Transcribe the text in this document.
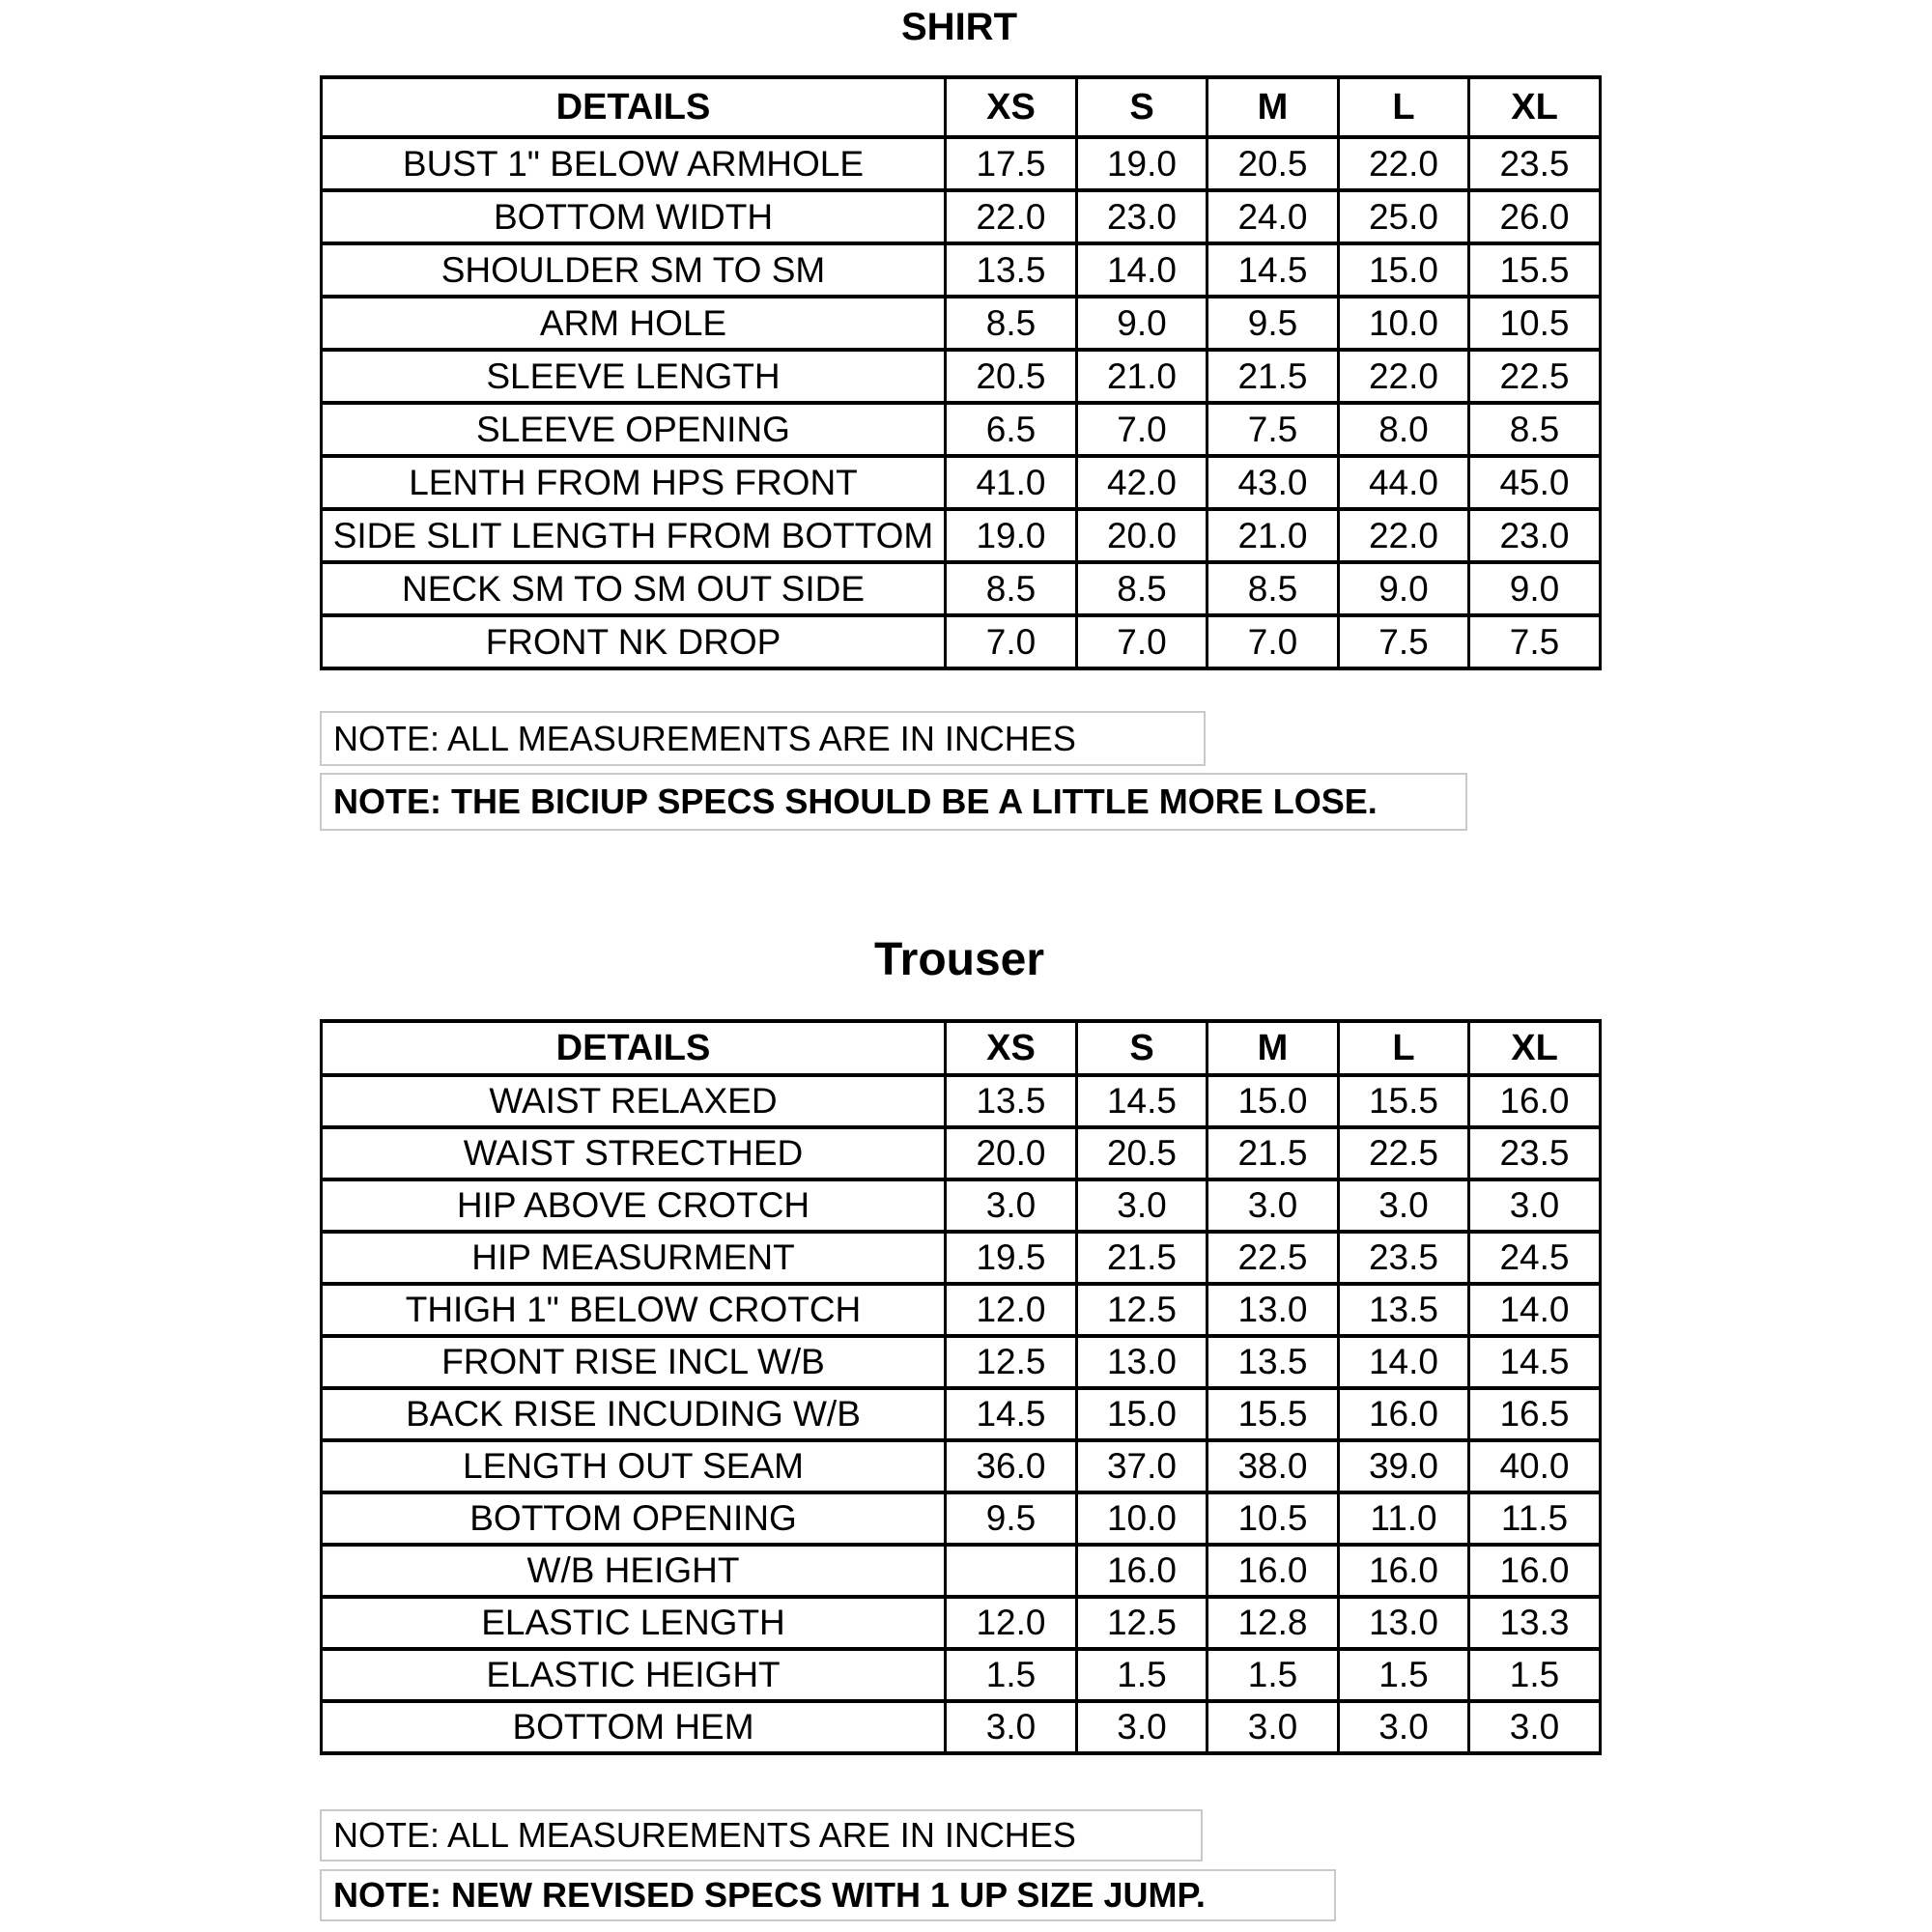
SHIRT
DETAILS	XS	S	M	L	XL
BUST 1" BELOW ARMHOLE	17.5	19.0	20.5	22.0	23.5
BOTTOM WIDTH	22.0	23.0	24.0	25.0	26.0
SHOULDER SM TO SM	13.5	14.0	14.5	15.0	15.5
ARM HOLE	8.5	9.0	9.5	10.0	10.5
SLEEVE LENGTH	20.5	21.0	21.5	22.0	22.5
SLEEVE OPENING	6.5	7.0	7.5	8.0	8.5
LENTH FROM HPS FRONT	41.0	42.0	43.0	44.0	45.0
SIDE SLIT LENGTH FROM BOTTOM	19.0	20.0	21.0	22.0	23.0
NECK SM TO SM OUT SIDE	8.5	8.5	8.5	9.0	9.0
FRONT NK DROP	7.0	7.0	7.0	7.5	7.5
NOTE: ALL MEASUREMENTS ARE IN INCHES
NOTE: THE BICIUP SPECS SHOULD BE A LITTLE MORE LOSE.
Trouser
DETAILS	XS	S	M	L	XL
WAIST RELAXED	13.5	14.5	15.0	15.5	16.0
WAIST STRECTHED	20.0	20.5	21.5	22.5	23.5
HIP ABOVE CROTCH	3.0	3.0	3.0	3.0	3.0
HIP MEASURMENT	19.5	21.5	22.5	23.5	24.5
THIGH 1" BELOW CROTCH	12.0	12.5	13.0	13.5	14.0
FRONT RISE INCL W/B	12.5	13.0	13.5	14.0	14.5
BACK RISE INCUDING W/B	14.5	15.0	15.5	16.0	16.5
LENGTH OUT SEAM	36.0	37.0	38.0	39.0	40.0
BOTTOM OPENING	9.5	10.0	10.5	11.0	11.5
W/B HEIGHT		16.0	16.0	16.0	16.0
ELASTIC LENGTH	12.0	12.5	12.8	13.0	13.3
ELASTIC HEIGHT	1.5	1.5	1.5	1.5	1.5
BOTTOM HEM	3.0	3.0	3.0	3.0	3.0
NOTE: ALL MEASUREMENTS ARE IN INCHES
NOTE: NEW REVISED SPECS WITH 1 UP SIZE JUMP.
